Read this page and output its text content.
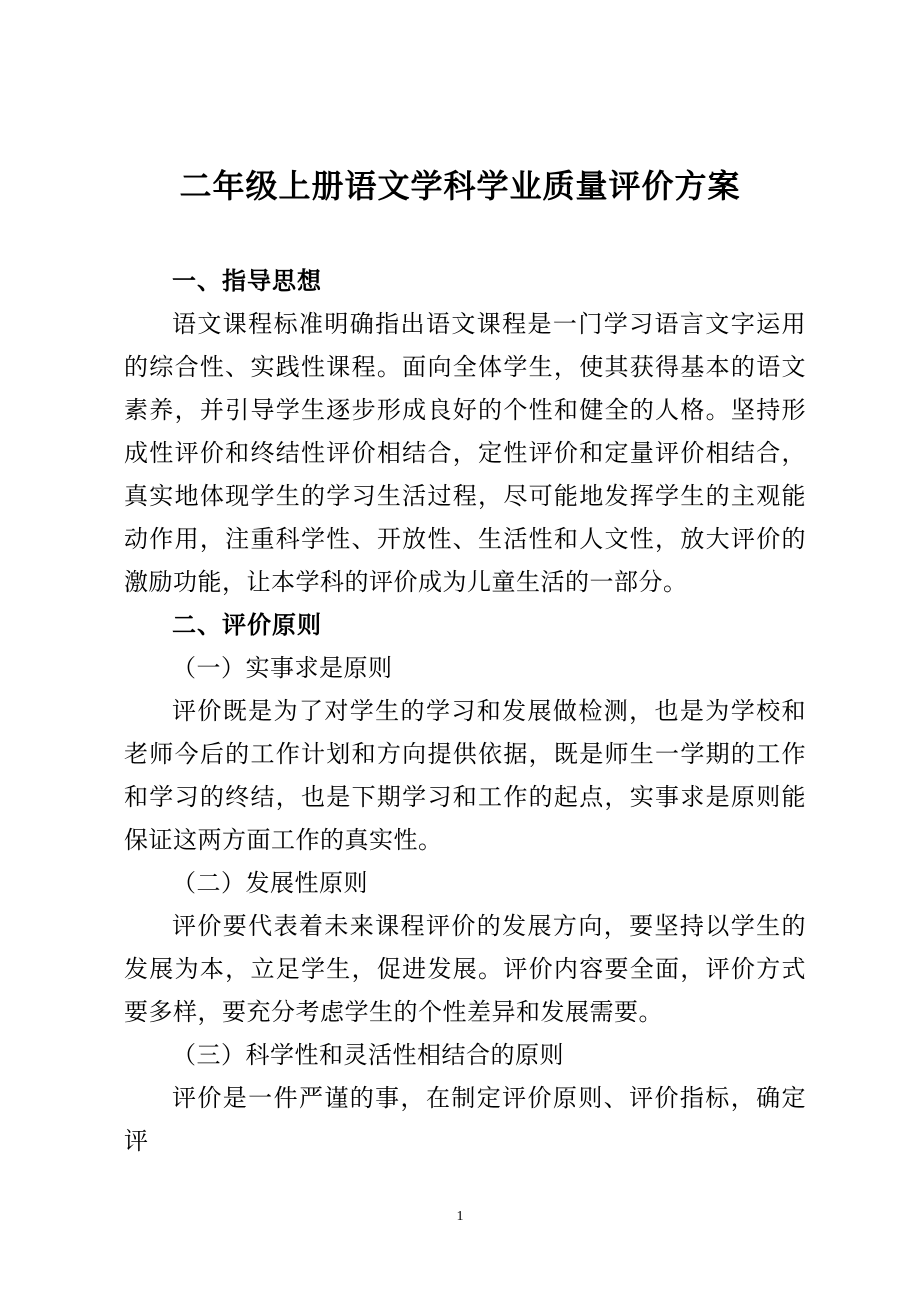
二年级上册语文学科学业质量评价方案

一、指导思想

语文课程标准明确指出语文课程是一门学习语言文字运用的综合性、实践性课程。面向全体学生，使其获得基本的语文素养，并引导学生逐步形成良好的个性和健全的人格。坚持形成性评价和终结性评价相结合，定性评价和定量评价相结合，真实地体现学生的学习生活过程，尽可能地发挥学生的主观能动作用，注重科学性、开放性、生活性和人文性，放大评价的激励功能，让本学科的评价成为儿童生活的一部分。

二、评价原则

（一）实事求是原则

评价既是为了对学生的学习和发展做检测，也是为学校和老师今后的工作计划和方向提供依据，既是师生一学期的工作和学习的终结，也是下期学习和工作的起点，实事求是原则能保证这两方面工作的真实性。

（二）发展性原则

评价要代表着未来课程评价的发展方向，要坚持以学生的发展为本，立足学生，促进发展。评价内容要全面，评价方式要多样，要充分考虑学生的个性差异和发展需要。

（三）科学性和灵活性相结合的原则

评价是一件严谨的事，在制定评价原则、评价指标，确定评

1
